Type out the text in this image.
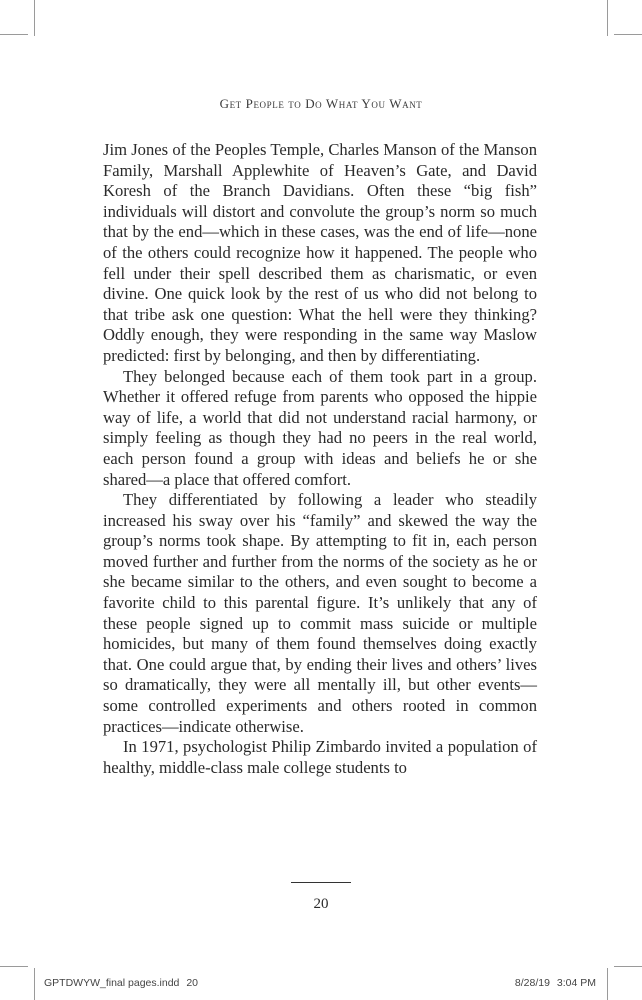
Get People to Do What You Want

Jim Jones of the Peoples Temple, Charles Manson of the Manson Family, Marshall Applewhite of Heaven’s Gate, and David Koresh of the Branch Davidians. Often these “big fish” individuals will distort and convolute the group’s norm so much that by the end—which in these cases, was the end of life—none of the others could recognize how it happened. The people who fell under their spell described them as charismatic, or even divine. One quick look by the rest of us who did not belong to that tribe ask one question: What the hell were they thinking? Oddly enough, they were responding in the same way Maslow predicted: first by belonging, and then by differentiating.

They belonged because each of them took part in a group. Whether it offered refuge from parents who opposed the hippie way of life, a world that did not understand racial harmony, or simply feeling as though they had no peers in the real world, each person found a group with ideas and beliefs he or she shared—a place that offered comfort.

They differentiated by following a leader who steadily increased his sway over his “family” and skewed the way the group’s norms took shape. By attempting to fit in, each person moved further and further from the norms of the society as he or she became similar to the others, and even sought to become a favorite child to this parental figure. It’s unlikely that any of these people signed up to commit mass suicide or multiple homicides, but many of them found themselves doing exactly that. One could argue that, by ending their lives and others’ lives so dramatically, they were all mentally ill, but other events—some controlled experiments and others rooted in common practices—indicate otherwise.

In 1971, psychologist Philip Zimbardo invited a population of healthy, middle-class male college students to

20
GPTDWYW_final pages.indd 20	8/28/19 3:04 PM
